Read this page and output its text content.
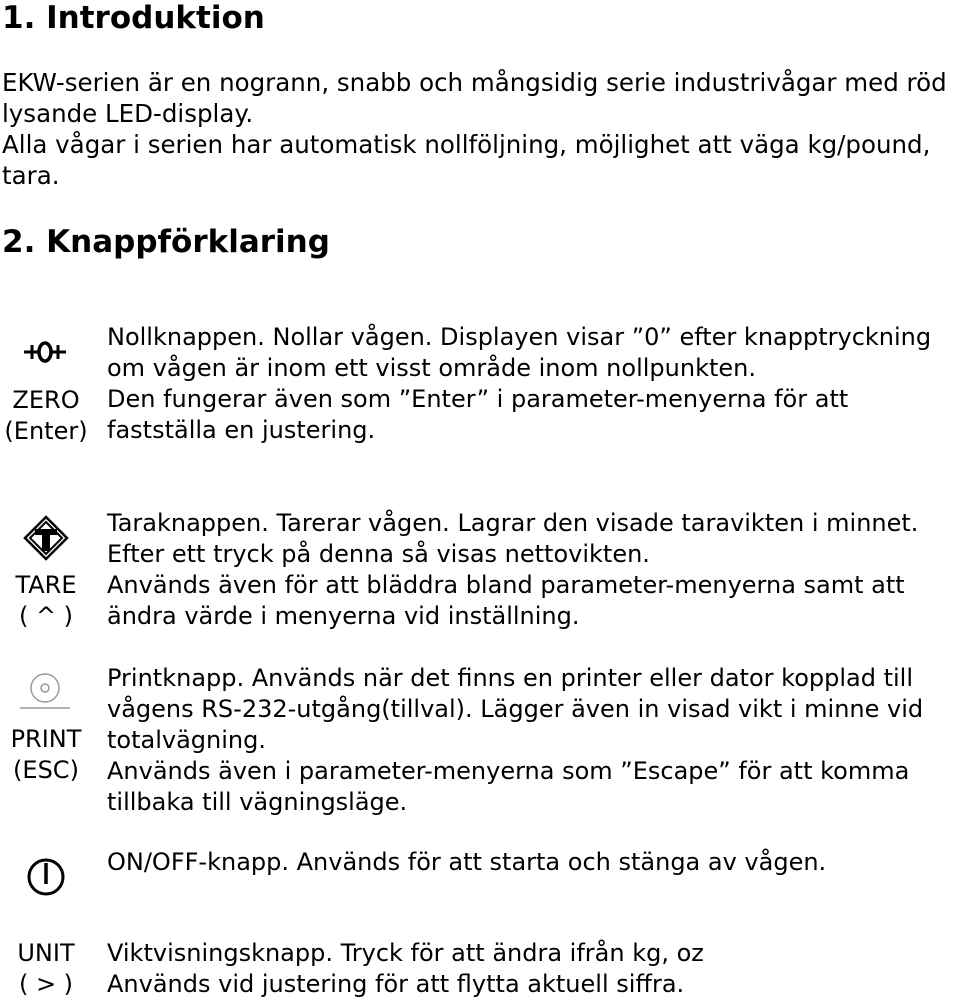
1. Introduktion

EKW-serien är en nogrann, snabb och mångsidig serie industrivågar med röd lysande LED-display.

Alla vågar i serien har automatisk nollföljning, möjlighet att väga kg/pound, tara.

2. Knappförklaring
ZERO
(Enter)

Nollknappen. Nollar vågen. Displayen visar ”0” efter knapptryckning om vågen är inom ett visst område inom nollpunkten.

Den fungerar även som ”Enter” i parameter-menyerna för att fastställa en justering.

TARE
( ^ )

Taraknappen. Tarerar vågen. Lagrar den visade taravikten i minnet. Efter ett tryck på denna så visas nettovikten.

Används även för att bläddra bland parameter-menyerna samt att ändra värde i menyerna vid inställning.

PRINT
(ESC)

Printknapp. Används när det finns en printer eller dator kopplad till vågens RS-232-utgång(tillval). Lägger även in visad vikt i minne vid totalvägning.

Används även i parameter-menyerna som ”Escape” för att komma tillbaka till vägningsläge.

ON/OFF-knapp. Används för att starta och stänga av vågen.

UNIT
( > )

Viktvisningsknapp. Tryck för att ändra ifrån kg, oz

Används vid justering för att flytta aktuell siffra.
